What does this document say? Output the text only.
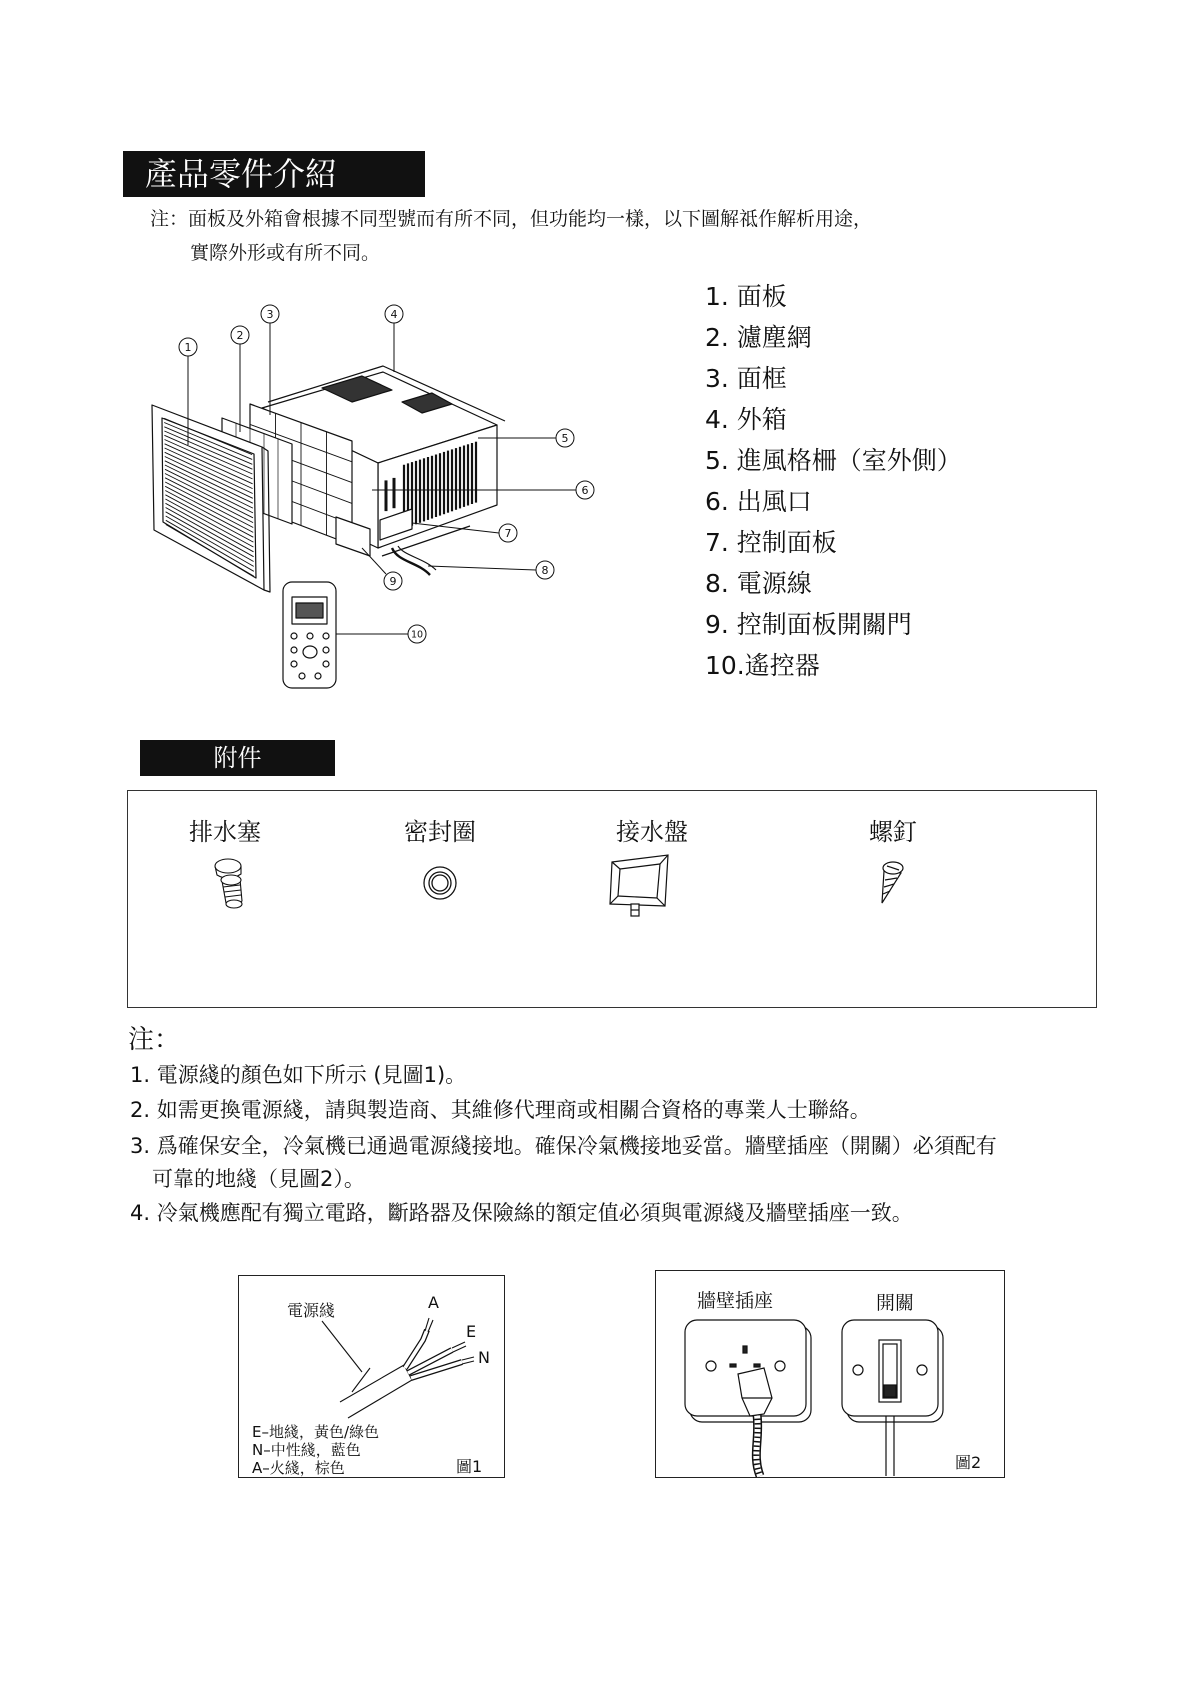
產品零件介紹
注：面板及外箱會根據不同型號而有所不同，但功能均一樣，以下圖解祗作解析用途，
實際外形或有所不同。
1
2
3	4
5
6
7
8
9
10
1. 面板
2. 濾塵網
3. 面框
4. 外箱
5. 進風格柵（室外側）
6. 出風口
7. 控制面板
8. 電源線
9. 控制面板開關門
10.遙控器
附件
排水塞	密封圈	接水盤	螺釘
注：
1. 電源綫的顏色如下所示 (見圖1)。
2. 如需更換電源綫，請與製造商、其維修代理商或相關合資格的專業人士聯絡。
3. 爲確保安全，冷氣機已通過電源綫接地。確保冷氣機接地妥當。牆壁插座（開關）必須配有
可靠的地綫（見圖2）。
4. 冷氣機應配有獨立電路，斷路器及保險絲的額定值必須與電源綫及牆壁插座一致。
電源綫	A
E
N
E–地綫，黃色/綠色
N–中性綫，藍色
A–火綫，棕色	圖1
牆壁插座	開關
圖2
